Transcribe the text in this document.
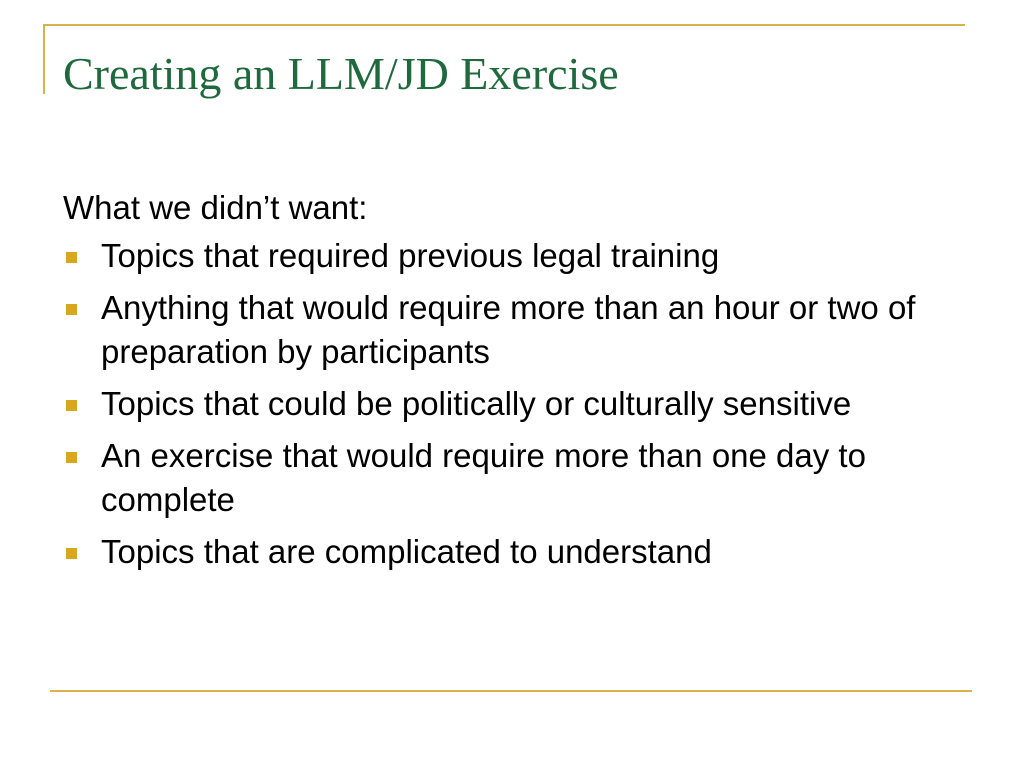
Creating an LLM/JD Exercise

What we didn’t want:

Topics that required previous legal training
Anything that would require more than an hour or two of preparation by participants
Topics that could be politically or culturally sensitive
An exercise that would require more than one day to complete
Topics that are complicated to understand
